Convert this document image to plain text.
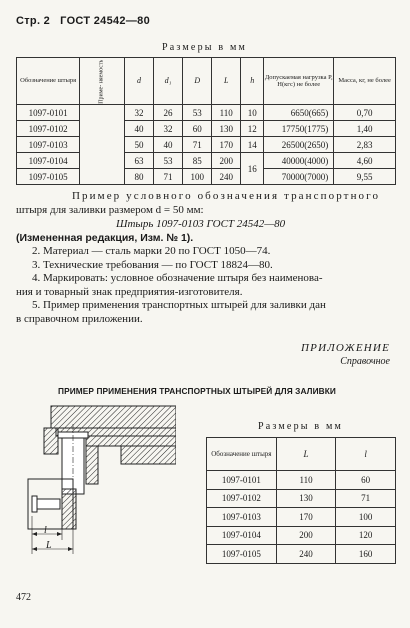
Стр. 2 ГОСТ 24542—80
Размеры в мм
Обозначение штыря	Приме- няемость	d	d₁	D	L	h	Допускаемая нагрузка P, Н(кгс) не более	Масса, кг, не более
1097-0101		32	26	53	110	10	6650(665)	0,70
1097-0102		40	32	60	130	12	17750(1775)	1,40
1097-0103		50	40	71	170	14	26500(2650)	2,83
1097-0104		63	53	85	200	16	40000(4000)	4,60
1097-0105		80	71	100	240		70000(7000)	9,55

Пример условного обозначения транспортного

штыря для заливки размером d = 50 мм:

Штырь 1097-0103 ГОСТ 24542—80

(Измененная редакция, Изм. № 1).

2. Материал — сталь марки 20 по ГОСТ 1050—74.

3. Технические требования — по ГОСТ 18824—80.

4. Маркировать: условное обозначение штыря без наименова-

ния и товарный знак предприятия-изготовителя.

5. Пример применения транспортных штырей для заливки дан

в справочном приложении.

ПРИЛОЖЕНИЕ
Справочное
ПРИМЕР ПРИМЕНЕНИЯ ТРАНСПОРТНЫХ ШТЫРЕЙ ДЛЯ ЗАЛИВКИ
l
L
Размеры в мм
Обозначение штыря	L	l
1097-0101	110	60
1097-0102	130	71
1097-0103	170	100
1097-0104	200	120
1097-0105	240	160
472
